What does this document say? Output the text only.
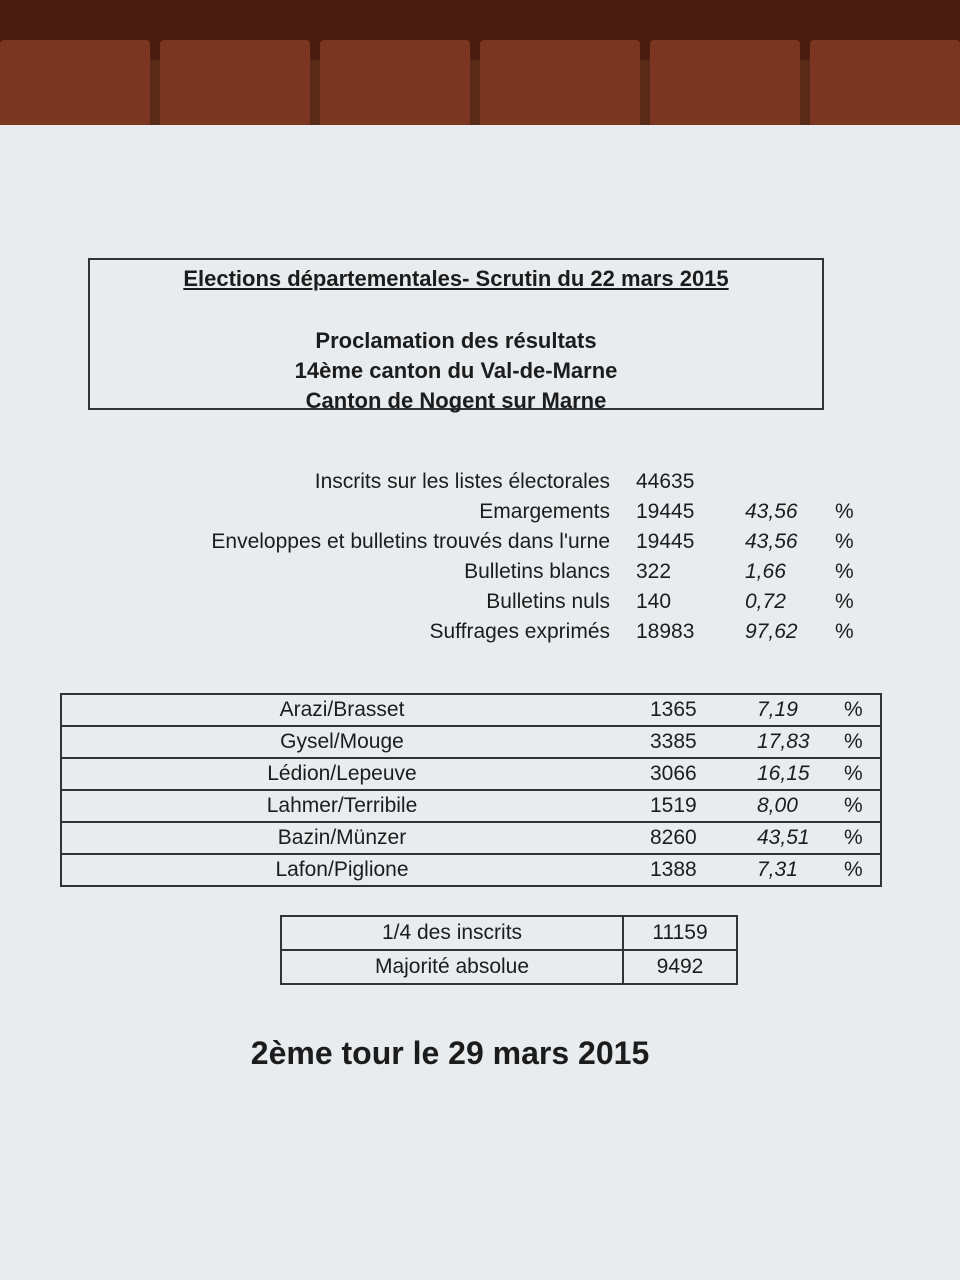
Elections départementales- Scrutin du 22 mars 2015
Proclamation des résultats
14ème canton du Val-de-Marne
Canton de Nogent sur Marne
Inscrits sur les listes électorales 44635
Emargements 19445 43,56 %
Enveloppes et bulletins trouvés dans l'urne 19445 43,56 %
Bulletins blancs 322	1,66 %
Bulletins nuls 140	0,72 %
Suffrages exprimés 18983 97,62 %
Arazi/Brasset	1365	7,19 %
Gysel/Mouge	3385	17,83 %
Lédion/Lepeuve	3066	16,15 %
Lahmer/Terribile	1519	8,00 %
Bazin/Münzer	8260	43,51 %
Lafon/Piglione	1388	7,31 %
1/4 des inscrits	11159
Majorité absolue	9492
2ème tour le 29 mars 2015
